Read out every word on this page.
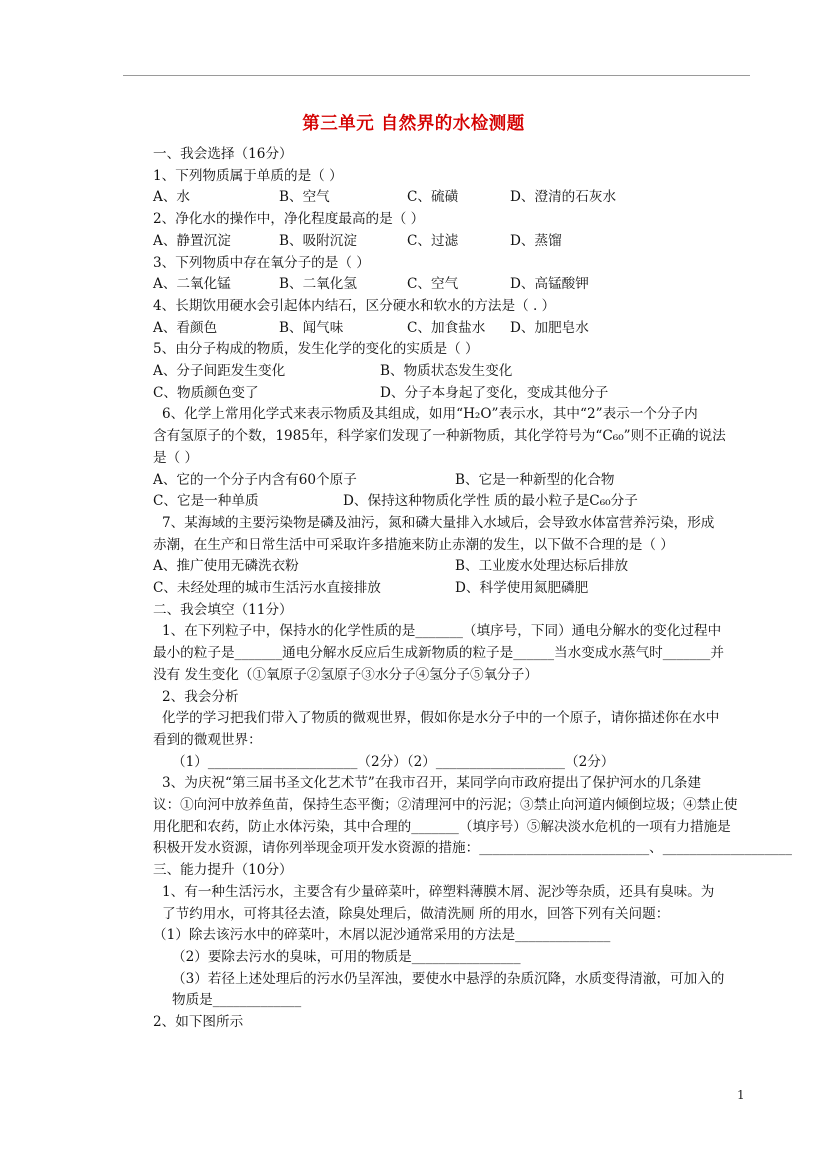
第三单元 自然界的水检测题
一、我会选择（16分）
1、下列物质属于单质的是（ ）
2、净化水的操作中，净化程度最高的是（ ）
3、下列物质中存在氧分子的是（ ）
4、长期饮用硬水会引起体内结石，区分硬水和软水的方法是（ . ）
5、由分子构成的物质，发生化学的变化的实质是（ ）
6、化学上常用化学式来表示物质及其组成，如用“H₂O”表示水，其中“2”表示一个分子内
含有氢原子的个数，1985年，科学家们发现了一种新物质，其化学符号为“C₆₀”则不正确的说法
是（ ）
7、某海域的主要污染物是磷及油污，氮和磷大量排入水域后，会导致水体富营养污染，形成
赤潮，在生产和日常生活中可采取许多措施来防止赤潮的发生，以下做不合理的是（ ）
二、我会填空（11分）
1、在下列粒子中，保持水的化学性质的是_______（填序号，下同）通电分解水的变化过程中
最小的粒子是_______通电分解水反应后生成新物质的粒子是______当水变成水蒸气时_______并
没有 发生变化（①氧原子②氢原子③水分子④氢分子⑤氧分子）
2、我会分析
化学的学习把我们带入了物质的微观世界，假如你是水分子中的一个原子，请你描述你在水中
看到的微观世界：
（1）______________________（2分）（2）___________________（2分）
3、为庆祝“第三届书圣文化艺术节”在我市召开，某同学向市政府提出了保护河水的几条建
议：①向河中放养鱼苗，保持生态平衡；②清理河中的污泥；③禁止向河道内倾倒垃圾；④禁止使
用化肥和农药，防止水体污染，其中合理的_______（填序号）⑤解决淡水危机的一项有力措施是
积极开发水资源，请你列举现金项开发水资源的措施：_________________________、___________________
三、能力提升（10分）
1、有一种生活污水，主要含有少量碎菜叶，碎塑料薄膜木屑、泥沙等杂质，还具有臭味。为
了节约用水，可将其径去渣，除臭处理后，做清洗厕 所的用水，回答下列有关问题：
（1）除去该污水中的碎菜叶，木屑以泥沙通常采用的方法是______________
（2）要除去污水的臭味，可用的物质是________________
（3）若径上述处理后的污水仍呈浑浊，要使水中悬浮的杂质沉降，水质变得清澈，可加入的
物质是_____________
2、如下图所示
A、水	B、空气	C、硫磺	D、澄清的石灰水
A、静置沉淀	B、吸附沉淀	C、过滤	D、蒸馏
A、二氧化锰	B、二氧化氢	C、空气	D、高锰酸钾
A、看颜色	B、闻气味	C、加食盐水 D、加肥皂水
A、分子间距发生变化	B、物质状态发生变化
C、物质颜色变了	D、分子本身起了变化，变成其他分子
A、它的一个分子内含有60个原子	B、它是一种新型的化合物
C、它是一种单质	D、保持这种物质化学性 质的最小粒子是C₆₀分子
A、推广使用无磷洗衣粉	B、工业废水处理达标后排放
C、未经处理的城市生活污水直接排放	D、科学使用氮肥磷肥
1
